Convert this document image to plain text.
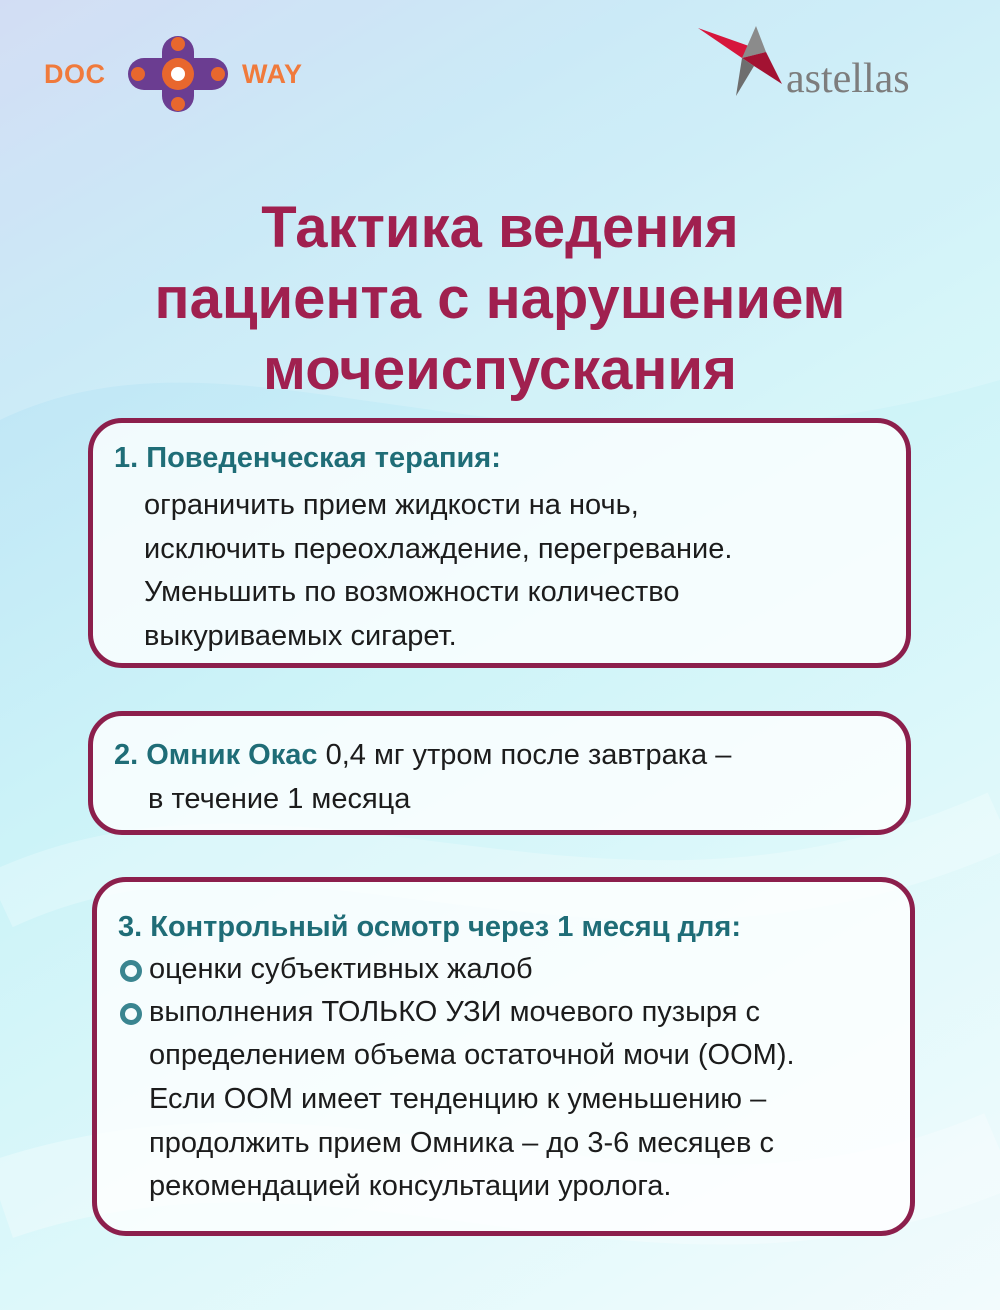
DOC	WAY	astellas
Тактика ведения
пациента с нарушением
мочеиспускания

1. Поведенческая терапия:

ограничить прием жидкости на ночь,

исключить переохлаждение, перегревание.

Уменьшить по возможности количество

выкуриваемых сигарет.

2. Омник Окас 0,4 мг утром после завтрака –

в течение 1 месяца

3. Контрольный осмотр через 1 месяц для:

оценки субъективных жалоб

выполнения ТОЛЬКО УЗИ мочевого пузыря с

определением объема остаточной мочи (ООМ).

Если ООМ имеет тенденцию к уменьшению –

продолжить прием Омника – до 3-6 месяцев с

рекомендацией консультации уролога.
